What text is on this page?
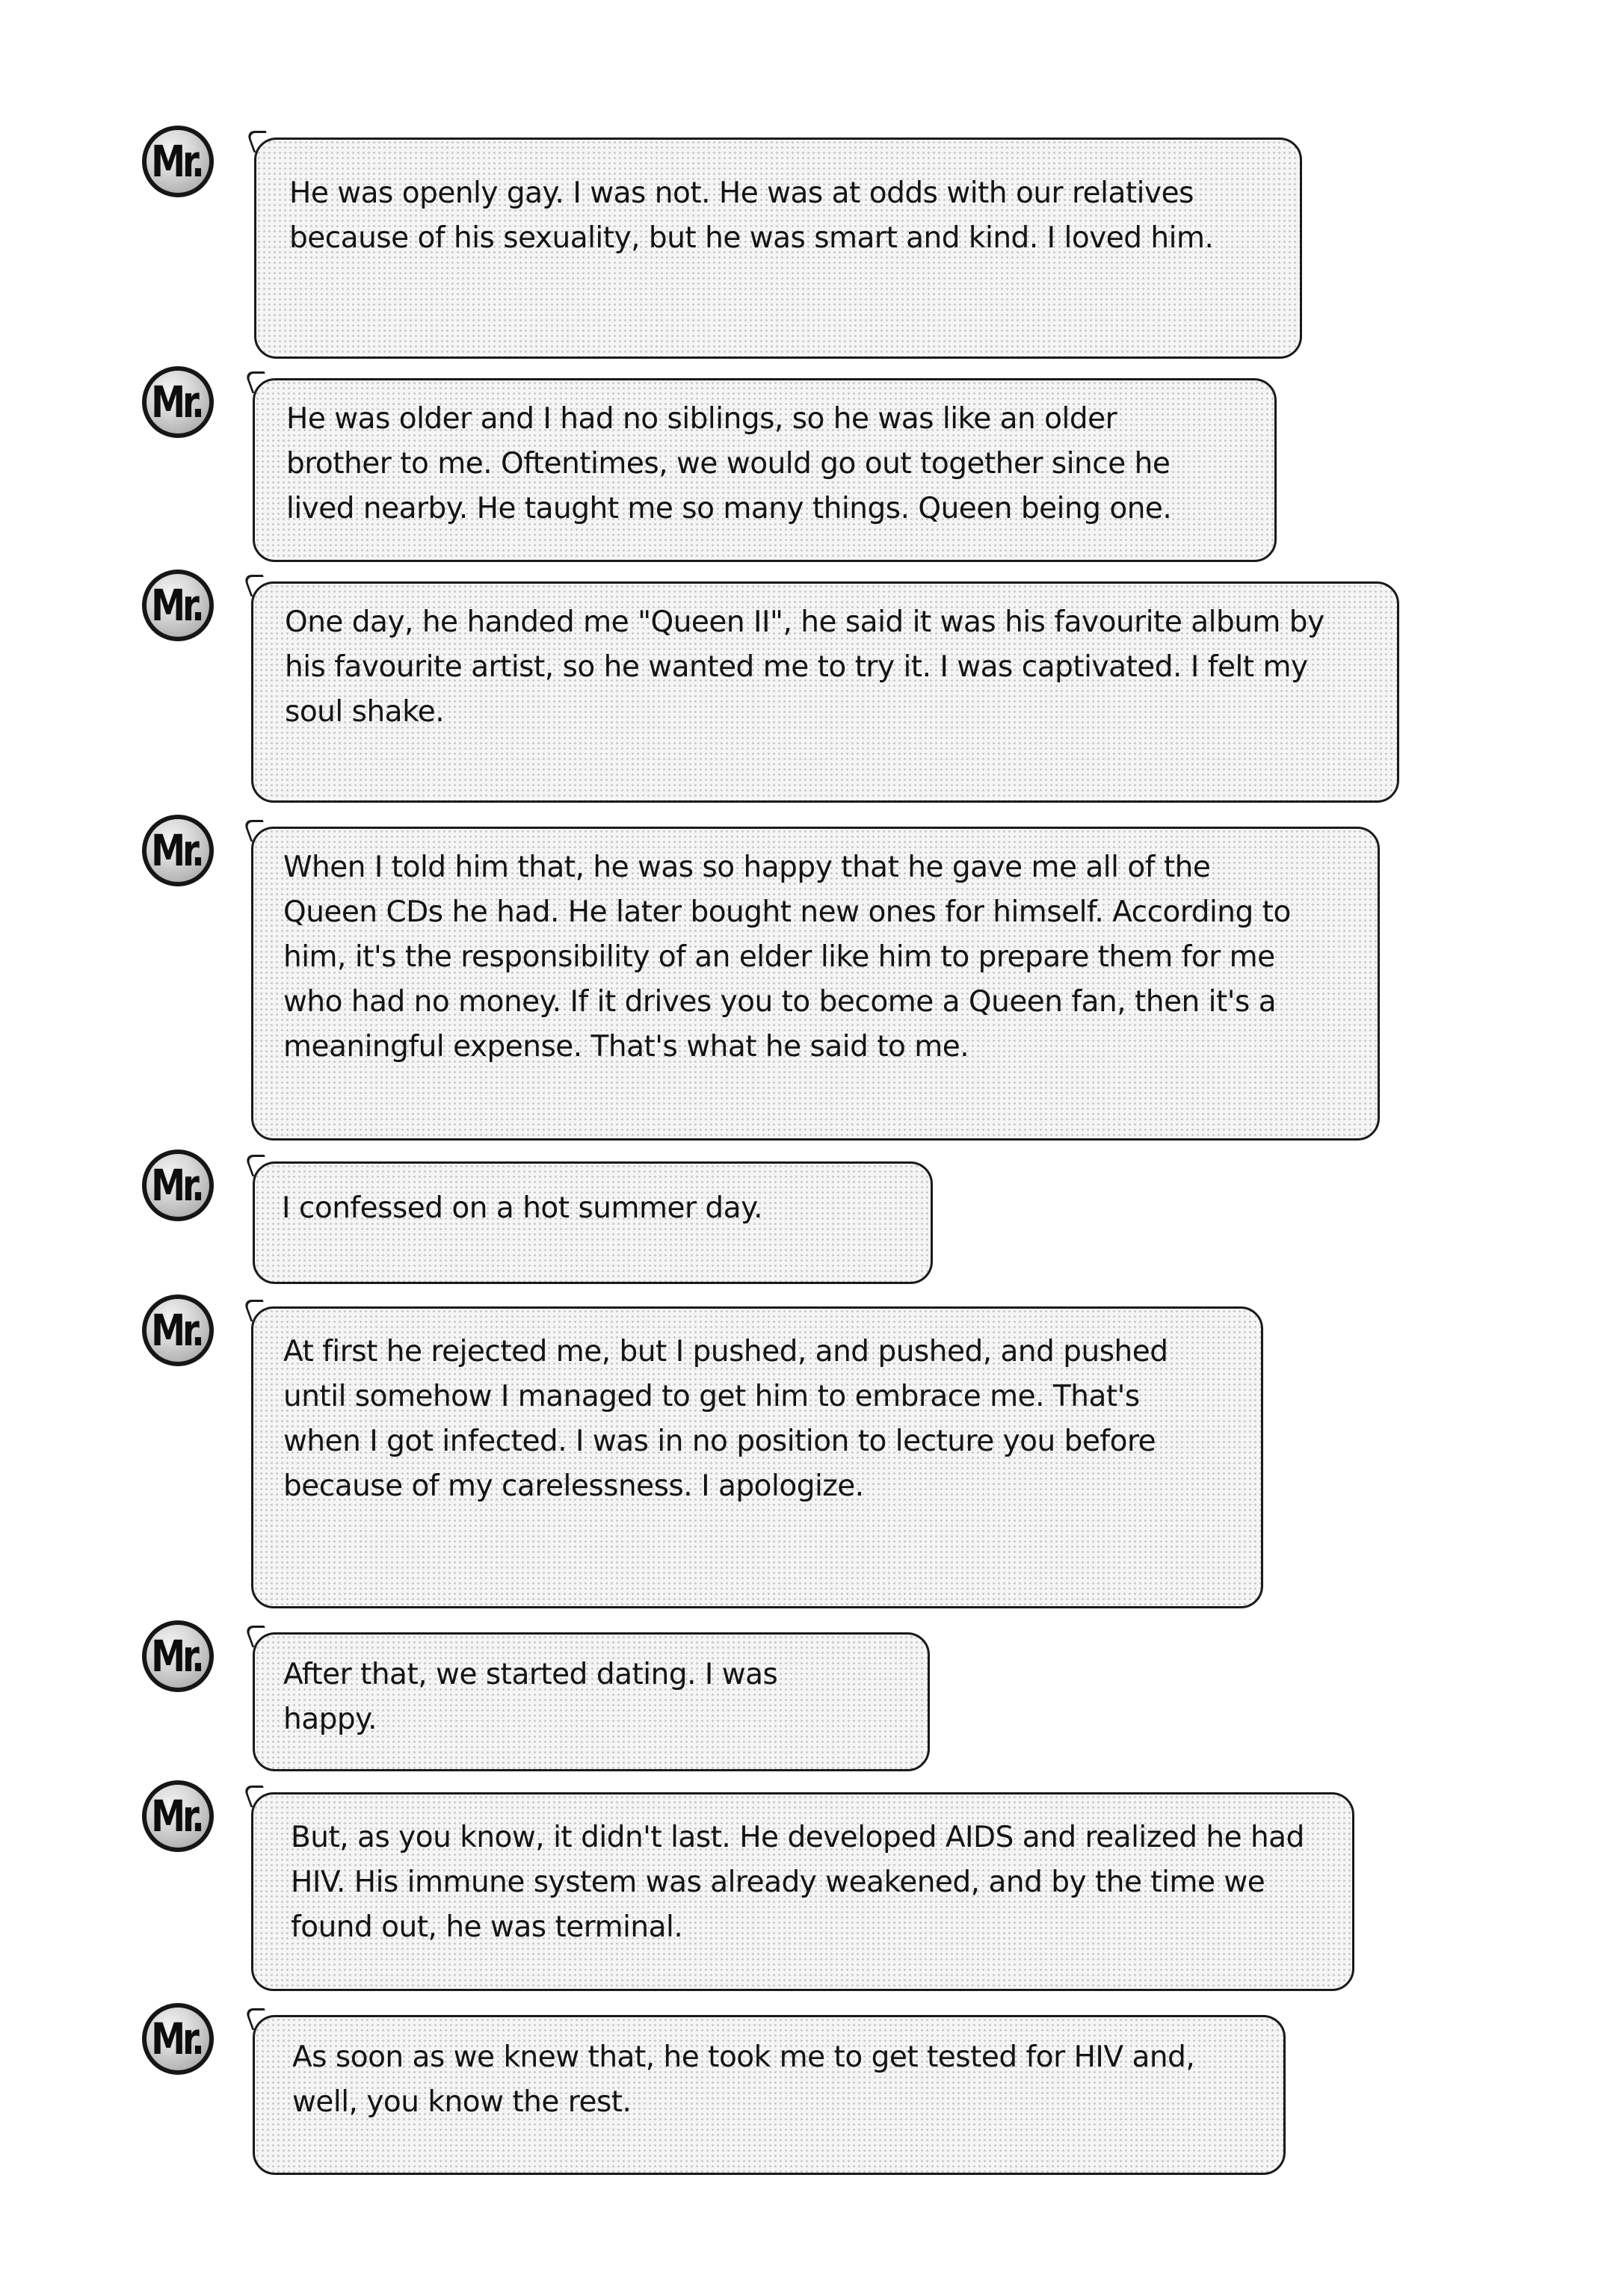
Mr.
He was openly gay. I was not. He was at odds with our relatives
because of his sexuality, but he was smart and kind. I loved him.
Mr.	He was older and I had no siblings, so he was like an older
brother to me. Oftentimes, we would go out together since he
lived nearby. He taught me so many things. Queen being one.
Mr.	One day, he handed me "Queen II", he said it was his favourite album by
his favourite artist, so he wanted me to try it. I was captivated. I felt my
soul shake.
Mr.	When I told him that, he was so happy that he gave me all of the
Queen CDs he had. He later bought new ones for himself. According to
him, it's the responsibility of an elder like him to prepare them for me
who had no money. If it drives you to become a Queen fan, then it's a
meaningful expense. That's what he said to me.
Mr.	I confessed on a hot summer day.
Mr.	At first he rejected me, but I pushed, and pushed, and pushed
until somehow I managed to get him to embrace me. That's
when I got infected. I was in no position to lecture you before
because of my carelessness. I apologize.
Mr.	After that, we started dating. I was
happy.
Mr.	But, as you know, it didn't last. He developed AIDS and realized he had
HIV. His immune system was already weakened, and by the time we
found out, he was terminal.
Mr.	As soon as we knew that, he took me to get tested for HIV and,
well, you know the rest.
